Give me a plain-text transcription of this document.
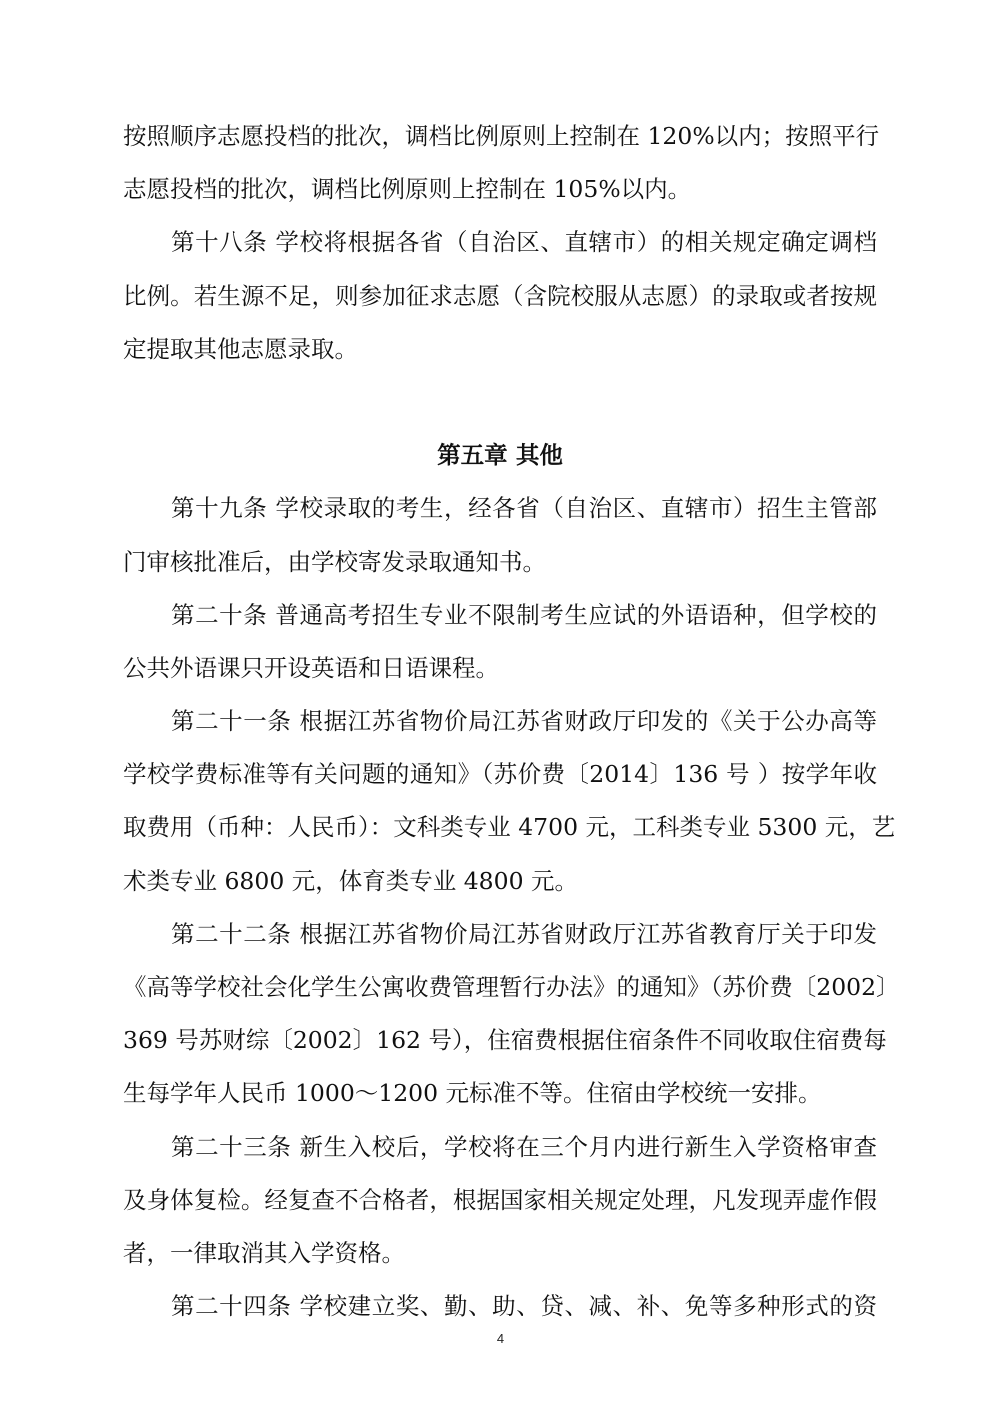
按照顺序志愿投档的批次，调档比例原则上控制在 120%以内；按照平行
志愿投档的批次，调档比例原则上控制在 105%以内。
第十八条 学校将根据各省（自治区、直辖市）的相关规定确定调档
比例。若生源不足，则参加征求志愿（含院校服从志愿）的录取或者按规
定提取其他志愿录取。
第五章 其他
第十九条 学校录取的考生，经各省（自治区、直辖市）招生主管部
门审核批准后，由学校寄发录取通知书。
第二十条 普通高考招生专业不限制考生应试的外语语种，但学校的
公共外语课只开设英语和日语课程。
第二十一条 根据江苏省物价局江苏省财政厅印发的《关于公办高等
学校学费标准等有关问题的通知》（苏价费〔2014〕136 号 ）按学年收
取费用（币种：人民币）：文科类专业 4700 元，工科类专业 5300 元，艺
术类专业 6800 元，体育类专业 4800 元。
第二十二条 根据江苏省物价局江苏省财政厅江苏省教育厅关于印发
《高等学校社会化学生公寓收费管理暂行办法》的通知》（苏价费〔2002〕
369 号苏财综〔2002〕162 号），住宿费根据住宿条件不同收取住宿费每
生每学年人民币 1000～1200 元标准不等。住宿由学校统一安排。
第二十三条 新生入校后，学校将在三个月内进行新生入学资格审查
及身体复检。经复查不合格者，根据国家相关规定处理，凡发现弄虚作假
者，一律取消其入学资格。
第二十四条 学校建立奖、勤、助、贷、减、补、免等多种形式的资
4
